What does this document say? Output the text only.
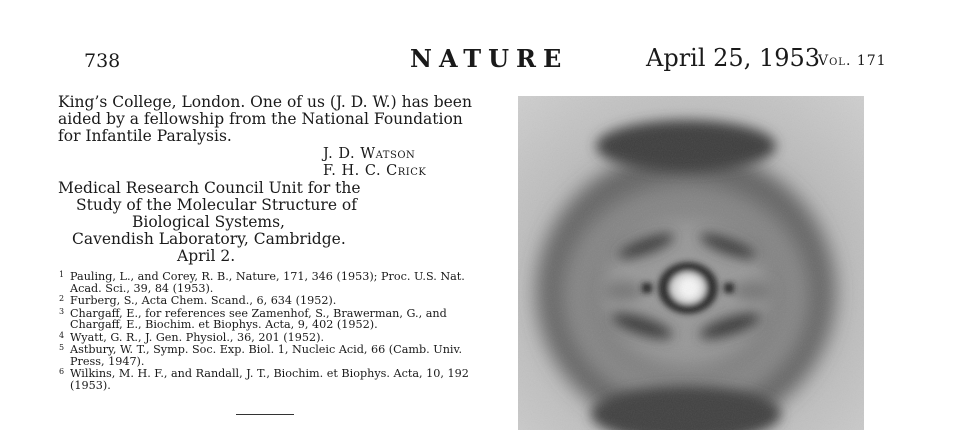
738	NATURE	April 25, 1953
Vol. 171
King’s College, London. One of us (J. D. W.) has been
aided by a fellowship from the National Foundation
for Infantile Paralysis.
J. D. Watson
F. H. C. Crick
Medical Research Council Unit for the
Study of the Molecular Structure of
Biological Systems,
Cavendish Laboratory, Cambridge.
April 2.
1 Pauling, L., and Corey, R. B., Nature, 171, 346 (1953); Proc. U.S. Nat. Acad. Sci., 39, 84 (1953).
2 Furberg, S., Acta Chem. Scand., 6, 634 (1952).
3 Chargaff, E., for references see Zamenhof, S., Brawerman, G., and Chargaff, E., Biochim. et Biophys. Acta, 9, 402 (1952).
4 Wyatt, G. R., J. Gen. Physiol., 36, 201 (1952).
5 Astbury, W. T., Symp. Soc. Exp. Biol. 1, Nucleic Acid, 66 (Camb. Univ. Press, 1947).
6 Wilkins, M. H. F., and Randall, J. T., Biochim. et Biophys. Acta, 10, 192 (1953).
